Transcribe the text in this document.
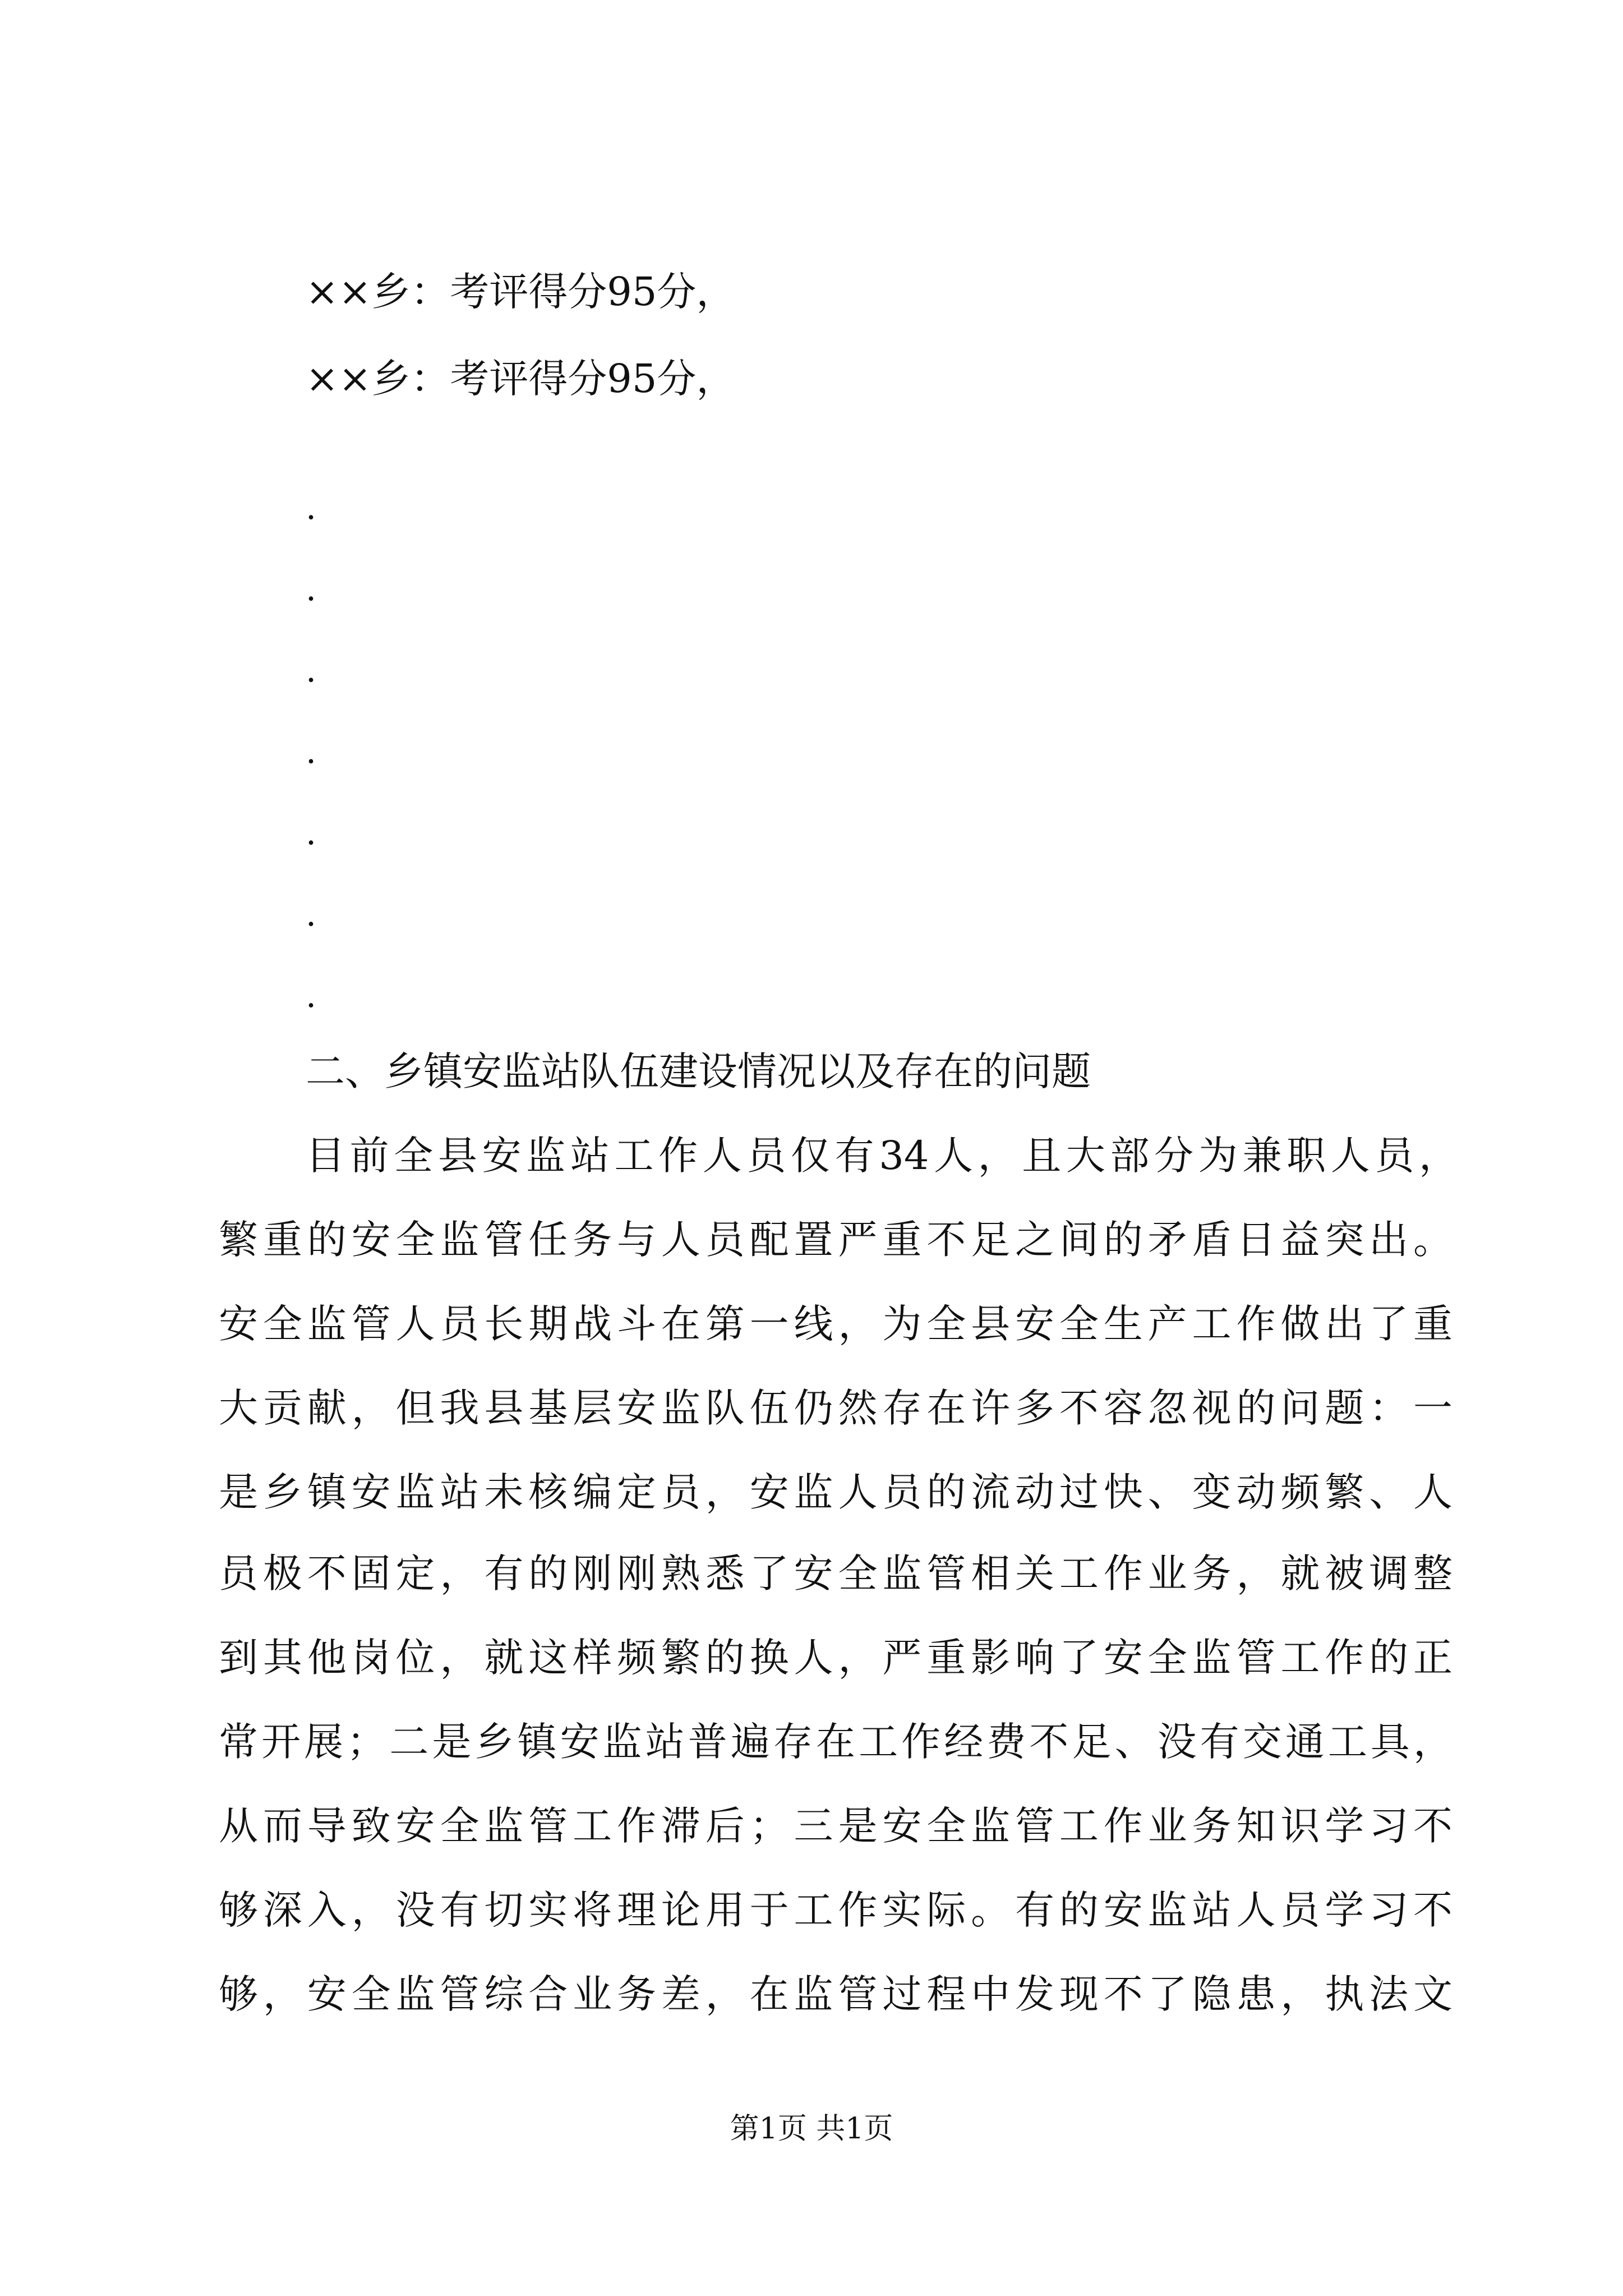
××乡：考评得分95分，
××乡：考评得分95分，
.
.
.
.
.
.
.
二、乡镇安监站队伍建设情况以及存在的问题
目前全县安监站工作人员仅有34人，且大部分为兼职人员，
繁重的安全监管任务与人员配置严重不足之间的矛盾日益突出。
安全监管人员长期战斗在第一线，为全县安全生产工作做出了重
大贡献，但我县基层安监队伍仍然存在许多不容忽视的问题：一
是乡镇安监站未核编定员，安监人员的流动过快、变动频繁、人
员极不固定，有的刚刚熟悉了安全监管相关工作业务，就被调整
到其他岗位，就这样频繁的换人，严重影响了安全监管工作的正
常开展；二是乡镇安监站普遍存在工作经费不足、没有交通工具，
从而导致安全监管工作滞后；三是安全监管工作业务知识学习不
够深入，没有切实将理论用于工作实际。有的安监站人员学习不
够，安全监管综合业务差，在监管过程中发现不了隐患，执法文
第1页 共1页
